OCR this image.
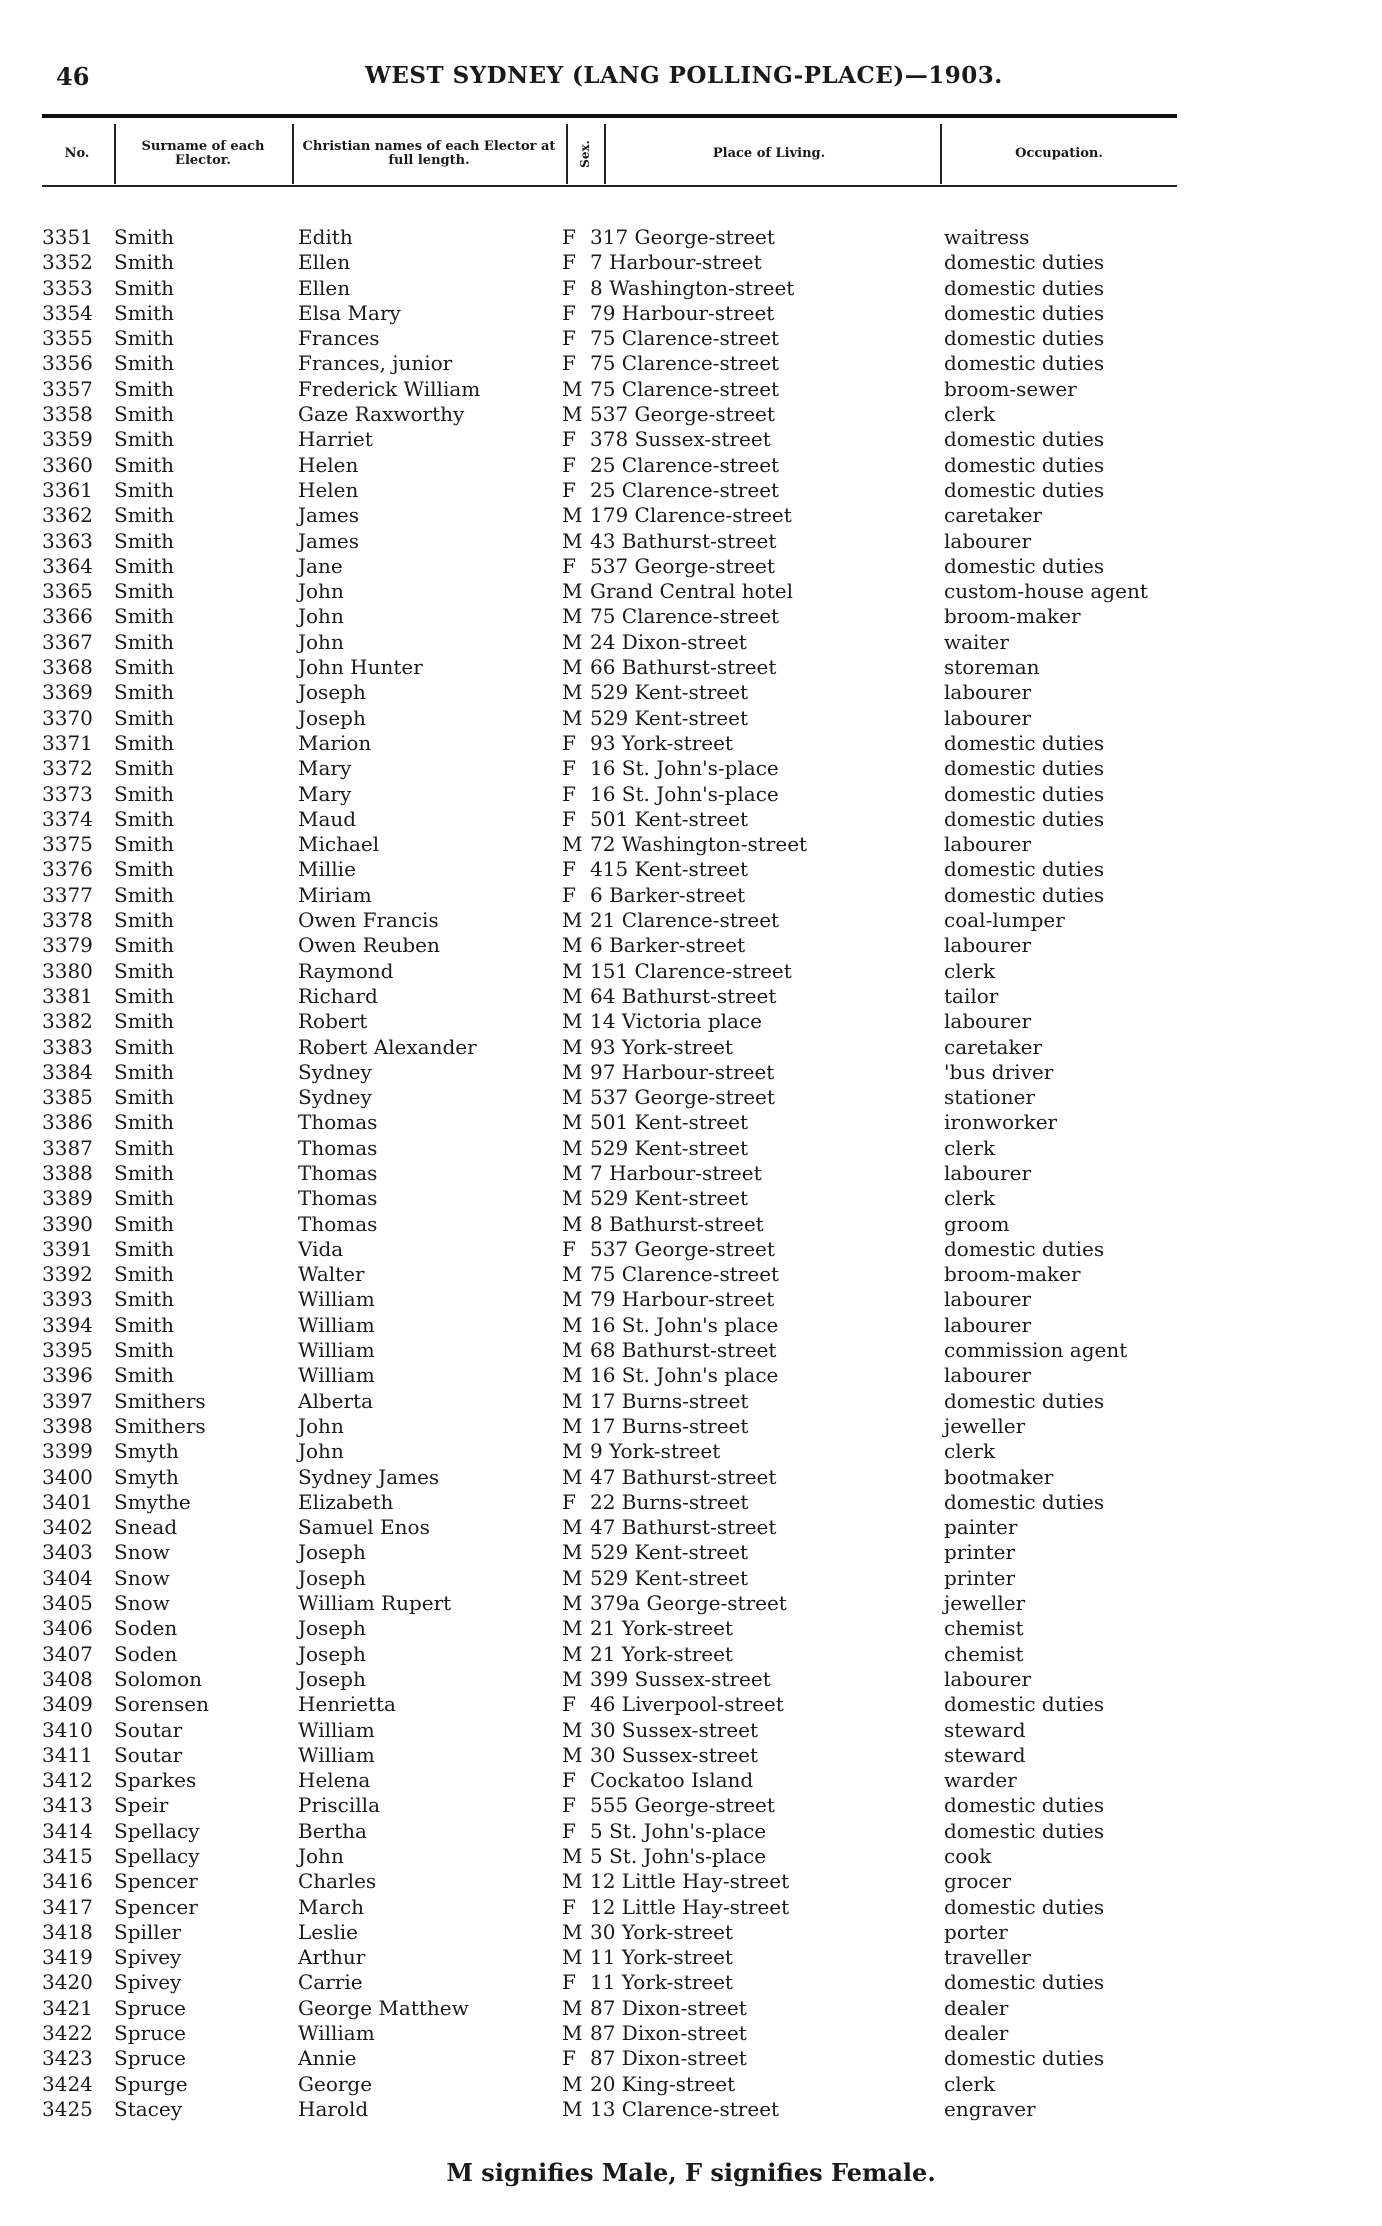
46	WEST SYDNEY (LANG POLLING-PLACE)—1903.
No.	Surname of each Elector.
Christian names of each Elector at full length.	Sex.	Place of Living.	Occupation.
3351 Smith	Edith	F 317 George-street	waitress
3352 Smith	Ellen	F 7 Harbour-street	domestic duties
3353 Smith	Ellen	F 8 Washington-street	domestic duties
3354 Smith	Elsa Mary	F 79 Harbour-street	domestic duties
3355 Smith	Frances	F 75 Clarence-street	domestic duties
3356 Smith	Frances, junior	F 75 Clarence-street	domestic duties
3357 Smith	Frederick William	M 75 Clarence-street	broom-sewer
3358 Smith	Gaze Raxworthy	M 537 George-street	clerk
3359 Smith	Harriet	F 378 Sussex-street	domestic duties
3360 Smith	Helen	F 25 Clarence-street	domestic duties
3361 Smith	Helen	F 25 Clarence-street	domestic duties
3362 Smith	James	M 179 Clarence-street	caretaker
3363 Smith	James	M 43 Bathurst-street	labourer
3364 Smith	Jane	F 537 George-street	domestic duties
3365 Smith	John	M Grand Central hotel	custom-house agent
3366 Smith	John	M 75 Clarence-street	broom-maker
3367 Smith	John	M 24 Dixon-street	waiter
3368 Smith	John Hunter	M 66 Bathurst-street	storeman
3369 Smith	Joseph	M 529 Kent-street	labourer
3370 Smith	Joseph	M 529 Kent-street	labourer
3371 Smith	Marion	F 93 York-street	domestic duties
3372 Smith	Mary	F 16 St. John's-place	domestic duties
3373 Smith	Mary	F 16 St. John's-place	domestic duties
3374 Smith	Maud	F 501 Kent-street	domestic duties
3375 Smith	Michael	M 72 Washington-street	labourer
3376 Smith	Millie	F 415 Kent-street	domestic duties
3377 Smith	Miriam	F 6 Barker-street	domestic duties
3378 Smith	Owen Francis	M 21 Clarence-street	coal-lumper
3379 Smith	Owen Reuben	M 6 Barker-street	labourer
3380 Smith	Raymond	M 151 Clarence-street	clerk
3381 Smith	Richard	M 64 Bathurst-street	tailor
3382 Smith	Robert	M 14 Victoria place	labourer
3383 Smith	Robert Alexander	M 93 York-street	caretaker
3384 Smith	Sydney	M 97 Harbour-street	'bus driver
3385 Smith	Sydney	M 537 George-street	stationer
3386 Smith	Thomas	M 501 Kent-street	ironworker
3387 Smith	Thomas	M 529 Kent-street	clerk
3388 Smith	Thomas	M 7 Harbour-street	labourer
3389 Smith	Thomas	M 529 Kent-street	clerk
3390 Smith	Thomas	M 8 Bathurst-street	groom
3391 Smith	Vida	F 537 George-street	domestic duties
3392 Smith	Walter	M 75 Clarence-street	broom-maker
3393 Smith	William	M 79 Harbour-street	labourer
3394 Smith	William	M 16 St. John's place	labourer
3395 Smith	William	M 68 Bathurst-street	commission agent
3396 Smith	William	M 16 St. John's place	labourer
3397 Smithers	Alberta	M 17 Burns-street	domestic duties
3398 Smithers	John	M 17 Burns-street	jeweller
3399 Smyth	John	M 9 York-street	clerk
3400 Smyth	Sydney James	M 47 Bathurst-street	bootmaker
3401 Smythe	Elizabeth	F 22 Burns-street	domestic duties
3402 Snead	Samuel Enos	M 47 Bathurst-street	painter
3403 Snow	Joseph	M 529 Kent-street	printer
3404 Snow	Joseph	M 529 Kent-street	printer
3405 Snow	William Rupert	M 379a George-street	jeweller
3406 Soden	Joseph	M 21 York-street	chemist
3407 Soden	Joseph	M 21 York-street	chemist
3408 Solomon	Joseph	M 399 Sussex-street	labourer
3409 Sorensen	Henrietta	F 46 Liverpool-street	domestic duties
3410 Soutar	William	M 30 Sussex-street	steward
3411 Soutar	William	M 30 Sussex-street	steward
3412 Sparkes	Helena	F Cockatoo Island	warder
3413 Speir	Priscilla	F 555 George-street	domestic duties
3414 Spellacy	Bertha	F 5 St. John's-place	domestic duties
3415 Spellacy	John	M 5 St. John's-place	cook
3416 Spencer	Charles	M 12 Little Hay-street	grocer
3417 Spencer	March	F 12 Little Hay-street	domestic duties
3418 Spiller	Leslie	M 30 York-street	porter
3419 Spivey	Arthur	M 11 York-street	traveller
3420 Spivey	Carrie	F 11 York-street	domestic duties
3421 Spruce	George Matthew	M 87 Dixon-street	dealer
3422 Spruce	William	M 87 Dixon-street	dealer
3423 Spruce	Annie	F 87 Dixon-street	domestic duties
3424 Spurge	George	M 20 King-street	clerk
3425 Stacey	Harold	M 13 Clarence-street	engraver
M signifies Male, F signifies Female.
